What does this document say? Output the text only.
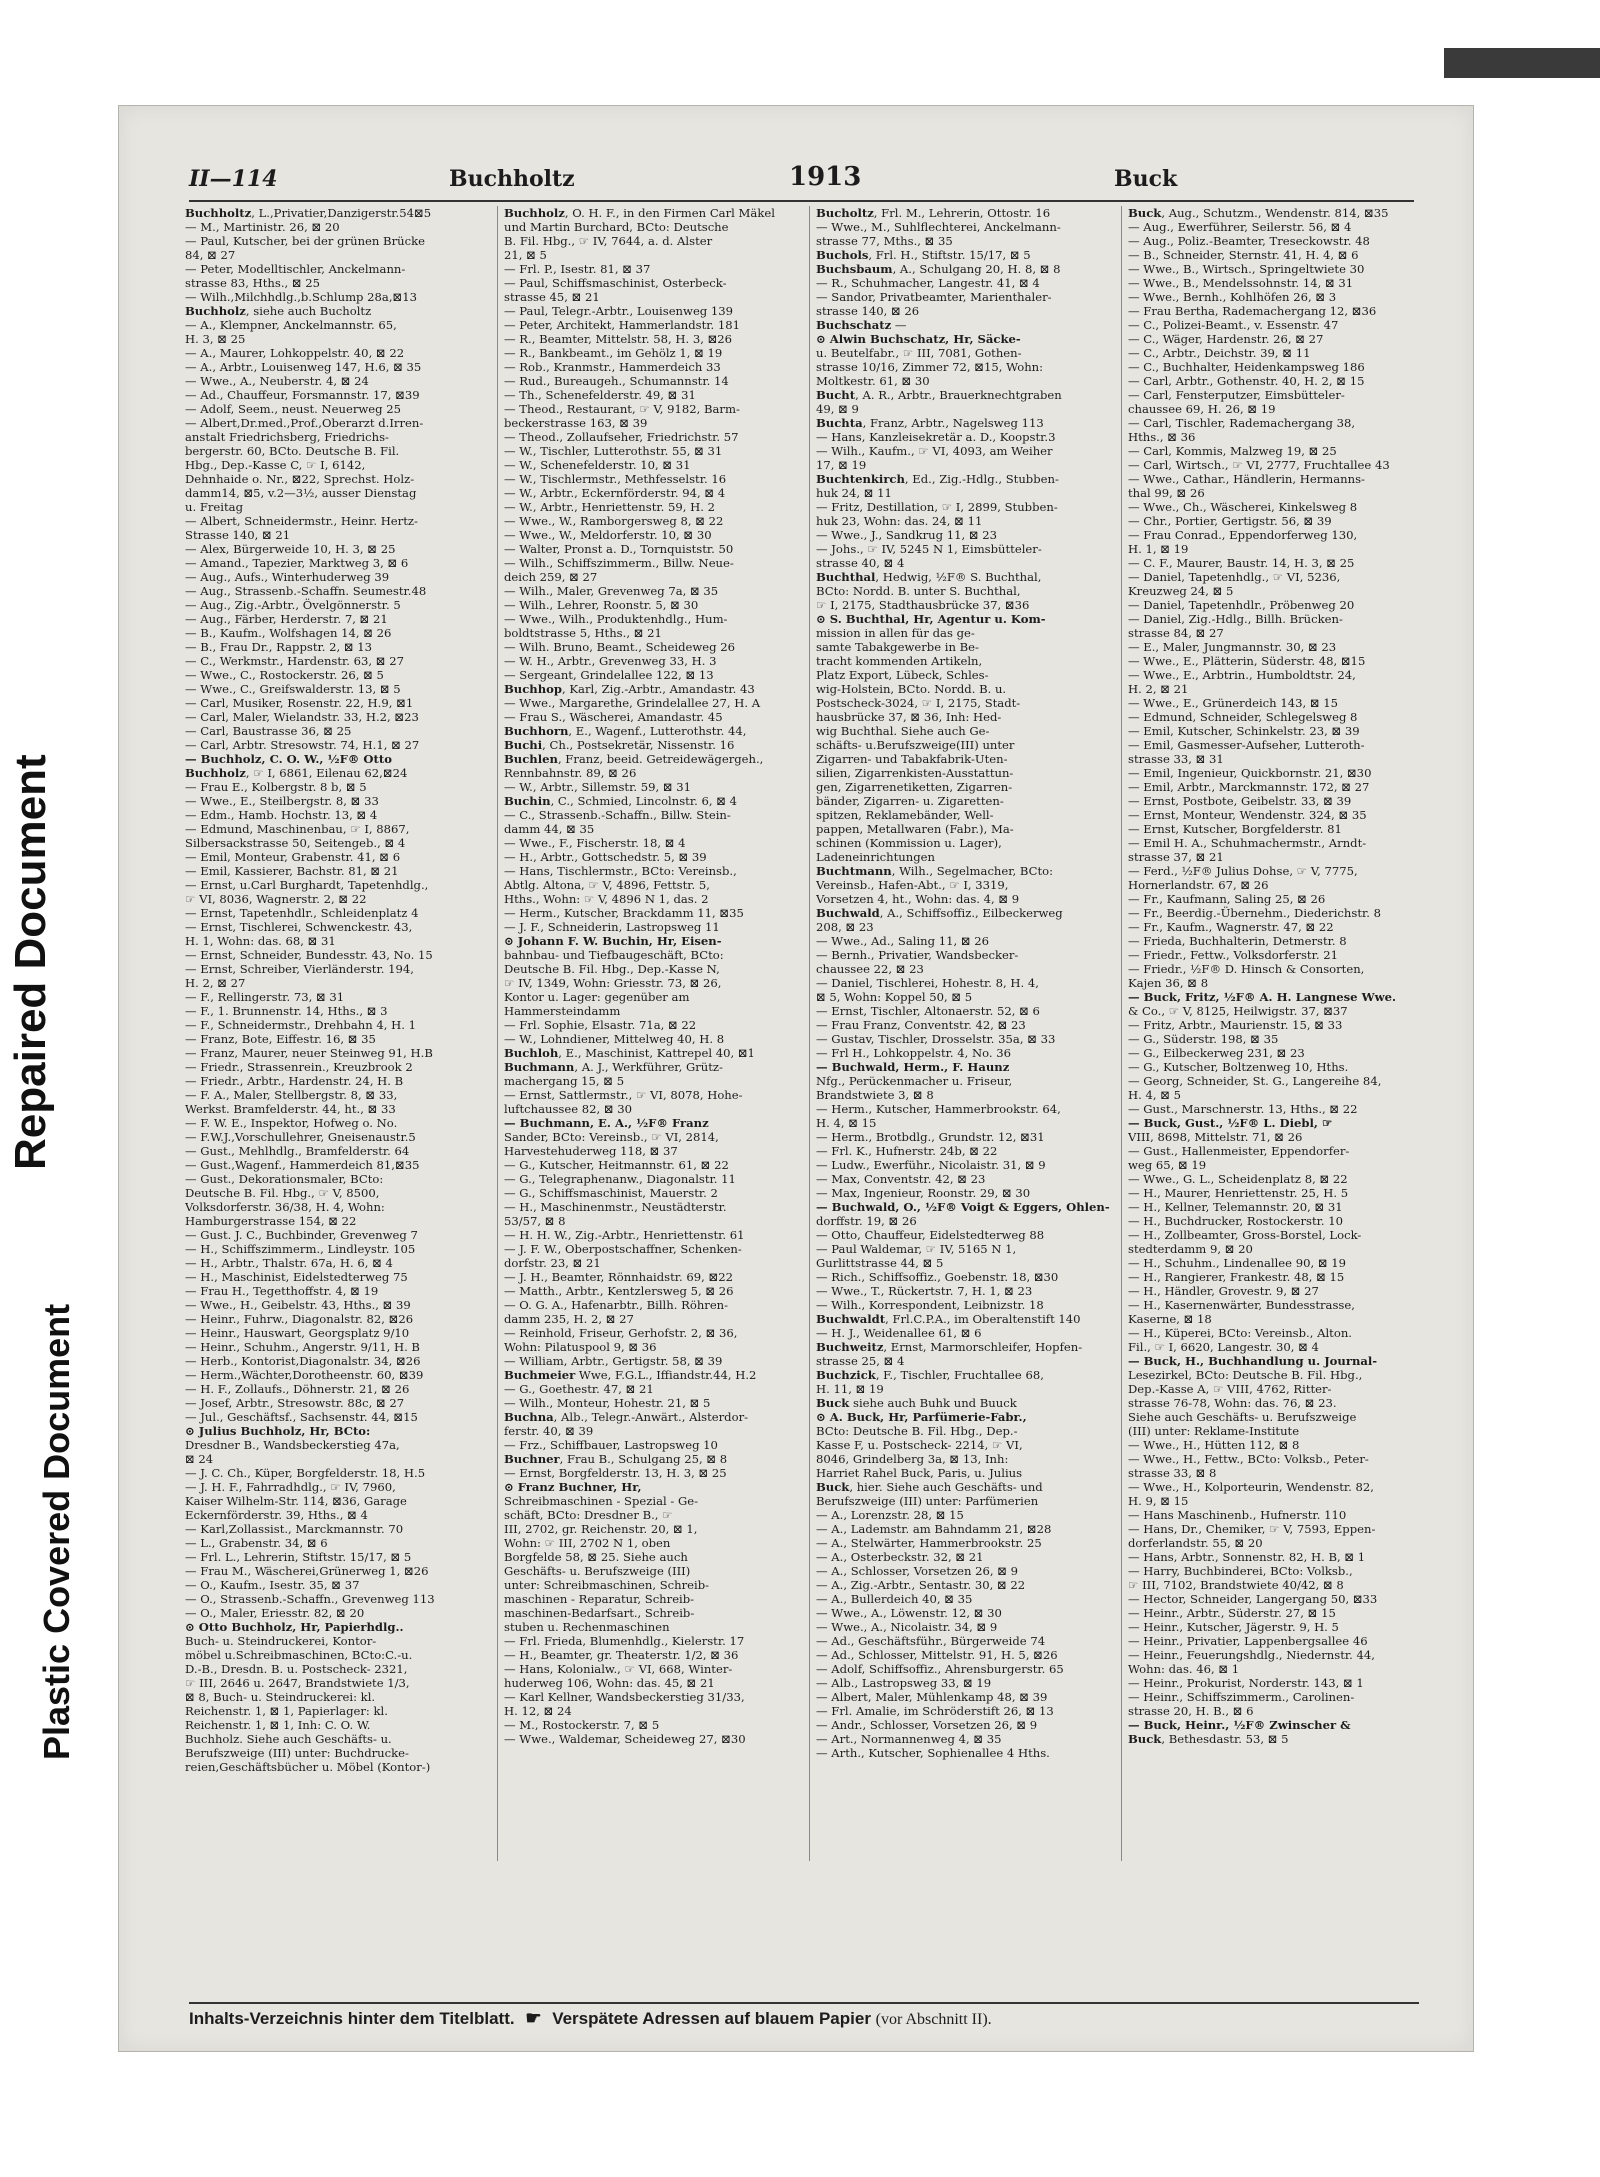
Repaired Document
Plastic Covered Document
II—114	Buchholtz	1913	Buck

Buchholtz, L.,Privatier,Danzigerstr.54⊠5

— M., Martinistr. 26, ⊠ 20

— Paul, Kutscher, bei der grünen Brücke

84, ⊠ 27

— Peter, Modelltischler, Anckelmann-

strasse 83, Hths., ⊠ 25

— Wilh.,Milchhdlg.,b.Schlump 28a,⊠13

Buchholz, siehe auch Bucholtz

— A., Klempner, Anckelmannstr. 65,

H. 3, ⊠ 25

— A., Maurer, Lohkoppelstr. 40, ⊠ 22

— A., Arbtr., Louisenweg 147, H.6, ⊠ 35

— Wwe., A., Neuberstr. 4, ⊠ 24

— Ad., Chauffeur, Forsmannstr. 17, ⊠39

— Adolf, Seem., neust. Neuerweg 25

— Albert,Dr.med.,Prof.,Oberarzt d.Irren-

anstalt Friedrichsberg, Friedrichs-

bergerstr. 60, BCto. Deutsche B. Fil.

Hbg., Dep.-Kasse C, ☞ I, 6142,

Dehnhaide o. Nr., ⊠22, Sprechst. Holz-

damm14, ⊠5, v.2—3½, ausser Dienstag

u. Freitag

— Albert, Schneidermstr., Heinr. Hertz-

Strasse 140, ⊠ 21

— Alex, Bürgerweide 10, H. 3, ⊠ 25

— Amand., Tapezier, Marktweg 3, ⊠ 6

— Aug., Aufs., Winterhuderweg 39

— Aug., Strassenb.-Schaffn. Seumestr.48

— Aug., Zig.-Arbtr., Övelgönnerstr. 5

— Aug., Färber, Herderstr. 7, ⊠ 21

— B., Kaufm., Wolfshagen 14, ⊠ 26

— B., Frau Dr., Rappstr. 2, ⊠ 13

— C., Werkmstr., Hardenstr. 63, ⊠ 27

— Wwe., C., Rostockerstr. 26, ⊠ 5

— Wwe., C., Greifswalderstr. 13, ⊠ 5

— Carl, Musiker, Rosenstr. 22, H.9, ⊠1

— Carl, Maler, Wielandstr. 33, H.2, ⊠23

— Carl, Baustrasse 36, ⊠ 25

— Carl, Arbtr. Stresowstr. 74, H.1, ⊠ 27

— Buchholz, C. O. W., ½F® Otto

Buchholz, ☞ I, 6861, Eilenau 62,⊠24

— Frau E., Kolbergstr. 8 b, ⊠ 5

— Wwe., E., Steilbergstr. 8, ⊠ 33

— Edm., Hamb. Hochstr. 13, ⊠ 4

— Edmund, Maschinenbau, ☞ I, 8867,

Silbersackstrasse 50, Seitengeb., ⊠ 4

— Emil, Monteur, Grabenstr. 41, ⊠ 6

— Emil, Kassierer, Bachstr. 81, ⊠ 21

— Ernst, u.Carl Burghardt, Tapetenhdlg.,

☞ VI, 8036, Wagnerstr. 2, ⊠ 22

— Ernst, Tapetenhdlr., Schleidenplatz 4

— Ernst, Tischlerei, Schwenckestr. 43,

H. 1, Wohn: das. 68, ⊠ 31

— Ernst, Schneider, Bundesstr. 43, No. 15

— Ernst, Schreiber, Vierländerstr. 194,

H. 2, ⊠ 27

— F., Rellingerstr. 73, ⊠ 31

— F., 1. Brunnenstr. 14, Hths., ⊠ 3

— F., Schneidermstr., Drehbahn 4, H. 1

— Franz, Bote, Eiffestr. 16, ⊠ 35

— Franz, Maurer, neuer Steinweg 91, H.B

— Friedr., Strassenrein., Kreuzbrook 2

— Friedr., Arbtr., Hardenstr. 24, H. B

— F. A., Maler, Stellbergstr. 8, ⊠ 33,

Werkst. Bramfelderstr. 44, ht., ⊠ 33

— F. W. E., Inspektor, Hofweg o. No.

— F.W.J.,Vorschullehrer, Gneisenaustr.5

— Gust., Mehlhdlg., Bramfelderstr. 64

— Gust.,Wagenf., Hammerdeich 81,⊠35

— Gust., Dekorationsmaler, BCto:

Deutsche B. Fil. Hbg., ☞ V, 8500,

Volksdorferstr. 36/38, H. 4, Wohn:

Hamburgerstrasse 154, ⊠ 22

— Gust. J. C., Buchbinder, Grevenweg 7

— H., Schiffszimmerm., Lindleystr. 105

— H., Arbtr., Thalstr. 67a, H. 6, ⊠ 4

— H., Maschinist, Eidelstedterweg 75

— Frau H., Tegetthoffstr. 4, ⊠ 19

— Wwe., H., Geibelstr. 43, Hths., ⊠ 39

— Heinr., Fuhrw., Diagonalstr. 82, ⊠26

— Heinr., Hauswart, Georgsplatz 9/10

— Heinr., Schuhm., Angerstr. 9/11, H. B

— Herb., Kontorist,Diagonalstr. 34, ⊠26

— Herm.,Wächter,Dorotheenstr. 60, ⊠39

— H. F., Zollaufs., Döhnerstr. 21, ⊠ 26

— Josef, Arbtr., Stresowstr. 88c, ⊠ 27

— Jul., Geschäftsf., Sachsenstr. 44, ⊠15

⊙ Julius Buchholz, Hr, BCto:

Dresdner B., Wandsbeckerstieg 47a,

⊠ 24

— J. C. Ch., Küper, Borgfelderstr. 18, H.5

— J. H. F., Fahrradhdlg., ☞ IV, 7960,

Kaiser Wilhelm-Str. 114, ⊠36, Garage

Eckernförderstr. 39, Hths., ⊠ 4

— Karl,Zollassist., Marckmannstr. 70

— L., Grabenstr. 34, ⊠ 6

— Frl. L., Lehrerin, Stiftstr. 15/17, ⊠ 5

— Frau M., Wäscherei,Grünerweg 1, ⊠26

— O., Kaufm., Isestr. 35, ⊠ 37

— O., Strassenb.-Schaffn., Grevenweg 113

— O., Maler, Eriesstr. 82, ⊠ 20

⊙ Otto Buchholz, Hr, Papierhdlg..

Buch- u. Steindruckerei, Kontor-

möbel u.Schreibmaschinen, BCto:C.-u.

D.-B., Dresdn. B. u. Postscheck- 2321,

☞ III, 2646 u. 2647, Brandstwiete 1/3,

⊠ 8, Buch- u. Steindruckerei: kl.

Reichenstr. 1, ⊠ 1, Papierlager: kl.

Reichenstr. 1, ⊠ 1, Inh: C. O. W.

Buchholz. Siehe auch Geschäfts- u.

Berufszweige (III) unter: Buchdrucke-

reien,Geschäftsbücher u. Möbel (Kontor-)

Buchholz, O. H. F., in den Firmen Carl Mäkel

und Martin Burchard, BCto: Deutsche

B. Fil. Hbg., ☞ IV, 7644, a. d. Alster

21, ⊠ 5

— Frl. P., Isestr. 81, ⊠ 37

— Paul, Schiffsmaschinist, Osterbeck-

strasse 45, ⊠ 21

— Paul, Telegr.-Arbtr., Louisenweg 139

— Peter, Architekt, Hammerlandstr. 181

— R., Beamter, Mittelstr. 58, H. 3, ⊠26

— R., Bankbeamt., im Gehölz 1, ⊠ 19

— Rob., Kranmstr., Hammerdeich 33

— Rud., Bureaugeh., Schumannstr. 14

— Th., Schenefelderstr. 49, ⊠ 31

— Theod., Restaurant, ☞ V, 9182, Barm-

beckerstrasse 163, ⊠ 39

— Theod., Zollaufseher, Friedrichstr. 57

— W., Tischler, Lutterothstr. 55, ⊠ 31

— W., Schenefelderstr. 10, ⊠ 31

— W., Tischlermstr., Methfesselstr. 16

— W., Arbtr., Eckernförderstr. 94, ⊠ 4

— W., Arbtr., Henriettenstr. 59, H. 2

— Wwe., W., Ramborgersweg 8, ⊠ 22

— Wwe., W., Meldorferstr. 10, ⊠ 30

— Walter, Pronst a. D., Tornquiststr. 50

— Wilh., Schiffszimmerm., Billw. Neue-

deich 259, ⊠ 27

— Wilh., Maler, Grevenweg 7a, ⊠ 35

— Wilh., Lehrer, Roonstr. 5, ⊠ 30

— Wwe., Wilh., Produktenhdlg., Hum-

boldtstrasse 5, Hths., ⊠ 21

— Wilh. Bruno, Beamt., Scheideweg 26

— W. H., Arbtr., Grevenweg 33, H. 3

— Sergeant, Grindelallee 122, ⊠ 13

Buchhop, Karl, Zig.-Arbtr., Amandastr. 43

— Wwe., Margarethe, Grindelallee 27, H. A

— Frau S., Wäscherei, Amandastr. 45

Buchhorn, E., Wagenf., Lutterothstr. 44,

Buchi, Ch., Postsekretär, Nissenstr. 16

Buchlen, Franz, beeid. Getreidewägergeh.,

Rennbahnstr. 89, ⊠ 26

— W., Arbtr., Sillemstr. 59, ⊠ 31

Buchin, C., Schmied, Lincolnstr. 6, ⊠ 4

— C., Strassenb.-Schaffn., Billw. Stein-

damm 44, ⊠ 35

— Wwe., F., Fischerstr. 18, ⊠ 4

— H., Arbtr., Gottschedstr. 5, ⊠ 39

— Hans, Tischlermstr., BCto: Vereinsb.,

Abtlg. Altona, ☞ V, 4896, Fettstr. 5,

Hths., Wohn: ☞ V, 4896 N 1, das. 2

— Herm., Kutscher, Brackdamm 11, ⊠35

— J. F., Schneiderin, Lastropsweg 11

⊙ Johann F. W. Buchin, Hr, Eisen-

bahnbau- und Tiefbaugeschäft, BCto:

Deutsche B. Fil. Hbg., Dep.-Kasse N,

☞ IV, 1349, Wohn: Griesstr. 73, ⊠ 26,

Kontor u. Lager: gegenüber am

Hammersteindamm

— Frl. Sophie, Elsastr. 71a, ⊠ 22

— W., Lohndiener, Mittelweg 40, H. 8

Buchloh, E., Maschinist, Kattrepel 40, ⊠1

Buchmann, A. J., Werkführer, Grütz-

machergang 15, ⊠ 5

— Ernst, Sattlermstr., ☞ VI, 8078, Hohe-

luftchaussee 82, ⊠ 30

— Buchmann, E. A., ½F® Franz

Sander, BCto: Vereinsb., ☞ VI, 2814,

Harvestehuderweg 118, ⊠ 37

— G., Kutscher, Heitmannstr. 61, ⊠ 22

— G., Telegraphenanw., Diagonalstr. 11

— G., Schiffsmaschinist, Mauerstr. 2

— H., Maschinenmstr., Neustädterstr.

53/57, ⊠ 8

— H. H. W., Zig.-Arbtr., Henriettenstr. 61

— J. F. W., Oberpostschaffner, Schenken-

dorfstr. 23, ⊠ 21

— J. H., Beamter, Rönnhaidstr. 69, ⊠22

— Matth., Arbtr., Kentzlersweg 5, ⊠ 26

— O. G. A., Hafenarbtr., Billh. Röhren-

damm 235, H. 2, ⊠ 27

— Reinhold, Friseur, Gerhofstr. 2, ⊠ 36,

Wohn: Pilatuspool 9, ⊠ 36

— William, Arbtr., Gertigstr. 58, ⊠ 39

Buchmeier Wwe, F.G.L., Iffiandstr.44, H.2

— G., Goethestr. 47, ⊠ 21

— Wilh., Monteur, Hohestr. 21, ⊠ 5

Buchna, Alb., Telegr.-Anwärt., Alsterdor-

ferstr. 40, ⊠ 39

— Frz., Schiffbauer, Lastropsweg 10

Buchner, Frau B., Schulgang 25, ⊠ 8

— Ernst, Borgfelderstr. 13, H. 3, ⊠ 25

⊙ Franz Buchner, Hr,

Schreibmaschinen - Spezial - Ge-

schäft, BCto: Dresdner B., ☞

III, 2702, gr. Reichenstr. 20, ⊠ 1,

Wohn: ☞ III, 2702 N 1, oben

Borgfelde 58, ⊠ 25. Siehe auch

Geschäfts- u. Berufszweige (III)

unter: Schreibmaschinen, Schreib-

maschinen - Reparatur, Schreib-

maschinen-Bedarfsart., Schreib-

stuben u. Rechenmaschinen

— Frl. Frieda, Blumenhdlg., Kielerstr. 17

— H., Beamter, gr. Theaterstr. 1/2, ⊠ 36

— Hans, Kolonialw., ☞ VI, 668, Winter-

huderweg 106, Wohn: das. 45, ⊠ 21

— Karl Kellner, Wandsbeckerstieg 31/33,

H. 12, ⊠ 24

— M., Rostockerstr. 7, ⊠ 5

— Wwe., Waldemar, Scheideweg 27, ⊠30

Bucholtz, Frl. M., Lehrerin, Ottostr. 16

— Wwe., M., Suhlflechterei, Anckelmann-

strasse 77, Mths., ⊠ 35

Buchols, Frl. H., Stiftstr. 15/17, ⊠ 5

Buchsbaum, A., Schulgang 20, H. 8, ⊠ 8

— R., Schuhmacher, Langestr. 41, ⊠ 4

— Sandor, Privatbeamter, Marienthaler-

strasse 140, ⊠ 26

Buchschatz —

⊙ Alwin Buchschatz, Hr, Säcke-

u. Beutelfabr., ☞ III, 7081, Gothen-

strasse 10/16, Zimmer 72, ⊠15, Wohn:

Moltkestr. 61, ⊠ 30

Bucht, A. R., Arbtr., Brauerknechtgraben

49, ⊠ 9

Buchta, Franz, Arbtr., Nagelsweg 113

— Hans, Kanzleisekretär a. D., Koopstr.3

— Wilh., Kaufm., ☞ VI, 4093, am Weiher

17, ⊠ 19

Buchtenkirch, Ed., Zig.-Hdlg., Stubben-

huk 24, ⊠ 11

— Fritz, Destillation, ☞ I, 2899, Stubben-

huk 23, Wohn: das. 24, ⊠ 11

— Wwe., J., Sandkrug 11, ⊠ 23

— Johs., ☞ IV, 5245 N 1, Eimsbütteler-

strasse 40, ⊠ 4

Buchthal, Hedwig, ½F® S. Buchthal,

BCto: Nordd. B. unter S. Buchthal,

☞ I, 2175, Stadthausbrücke 37, ⊠36

⊙ S. Buchthal, Hr, Agentur u. Kom-

mission in allen für das ge-

samte Tabakgewerbe in Be-

tracht kommenden Artikeln,

Platz Export, Lübeck, Schles-

wig-Holstein, BCto. Nordd. B. u.

Postscheck-3024, ☞ I, 2175, Stadt-

hausbrücke 37, ⊠ 36, Inh: Hed-

wig Buchthal. Siehe auch Ge-

schäfts- u.Berufszweige(III) unter

Zigarren- und Tabakfabrik-Uten-

silien, Zigarrenkisten-Ausstattun-

gen, Zigarrenetiketten, Zigarren-

bänder, Zigarren- u. Zigaretten-

spitzen, Reklamebänder, Well-

pappen, Metallwaren (Fabr.), Ma-

schinen (Kommission u. Lager),

Ladeneinrichtungen

Buchtmann, Wilh., Segelmacher, BCto:

Vereinsb., Hafen-Abt., ☞ I, 3319,

Vorsetzen 4, ht., Wohn: das. 4, ⊠ 9

Buchwald, A., Schiffsoffiz., Eilbeckerweg

208, ⊠ 23

— Wwe., Ad., Saling 11, ⊠ 26

— Bernh., Privatier, Wandsbecker-

chaussee 22, ⊠ 23

— Daniel, Tischlerei, Hohestr. 8, H. 4,

⊠ 5, Wohn: Koppel 50, ⊠ 5

— Ernst, Tischler, Altonaerstr. 52, ⊠ 6

— Frau Franz, Conventstr. 42, ⊠ 23

— Gustav, Tischler, Drosselstr. 35a, ⊠ 33

— Frl H., Lohkoppelstr. 4, No. 36

— Buchwald, Herm., F. Haunz

Nfg., Perückenmacher u. Friseur,

Brandstwiete 3, ⊠ 8

— Herm., Kutscher, Hammerbrookstr. 64,

H. 4, ⊠ 15

— Herm., Brotbdlg., Grundstr. 12, ⊠31

— Frl. K., Hufnerstr. 24b, ⊠ 22

— Ludw., Ewerführ., Nicolaistr. 31, ⊠ 9

— Max, Conventstr. 42, ⊠ 23

— Max, Ingenieur, Roonstr. 29, ⊠ 30

— Buchwald, O., ½F® Voigt & Eggers, Ohlen-

dorffstr. 19, ⊠ 26

— Otto, Chauffeur, Eidelstedterweg 88

— Paul Waldemar, ☞ IV, 5165 N 1,

Gurlittstrasse 44, ⊠ 5

— Rich., Schiffsoffiz., Goebenstr. 18, ⊠30

— Wwe., T., Rückertstr. 7, H. 1, ⊠ 23

— Wilh., Korrespondent, Leibnizstr. 18

Buchwaldt, Frl.C.P.A., im Oberaltenstift 140

— H. J., Weidenallee 61, ⊠ 6

Buchweitz, Ernst, Marmorschleifer, Hopfen-

strasse 25, ⊠ 4

Buchzick, F., Tischler, Fruchtallee 68,

H. 11, ⊠ 19

Buck siehe auch Buhk und Buuck

⊙ A. Buck, Hr, Parfümerie-Fabr.,

BCto: Deutsche B. Fil. Hbg., Dep.-

Kasse F, u. Postscheck- 2214, ☞ VI,

8046, Grindelberg 3a, ⊠ 13, Inh:

Harriet Rahel Buck, Paris, u. Julius

Buck, hier. Siehe auch Geschäfts- und

Berufszweige (III) unter: Parfümerien

— A., Lorenzstr. 28, ⊠ 15

— A., Lademstr. am Bahndamm 21, ⊠28

— A., Stelwärter, Hammerbrookstr. 25

— A., Osterbeckstr. 32, ⊠ 21

— A., Schlosser, Vorsetzen 26, ⊠ 9

— A., Zig.-Arbtr., Sentastr. 30, ⊠ 22

— A., Bullerdeich 40, ⊠ 35

— Wwe., A., Löwenstr. 12, ⊠ 30

— Wwe., A., Nicolaistr. 34, ⊠ 9

— Ad., Geschäftsführ., Bürgerweide 74

— Ad., Schlosser, Mittelstr. 91, H. 5, ⊠26

— Adolf, Schiffsoffiz., Ahrensburgerstr. 65

— Alb., Lastropsweg 33, ⊠ 19

— Albert, Maler, Mühlenkamp 48, ⊠ 39

— Frl. Amalie, im Schröderstift 26, ⊠ 13

— Andr., Schlosser, Vorsetzen 26, ⊠ 9

— Art., Normannenweg 4, ⊠ 35

— Arth., Kutscher, Sophienallee 4 Hths.

Buck, Aug., Schutzm., Wendenstr. 814, ⊠35

— Aug., Ewerführer, Seilerstr. 56, ⊠ 4

— Aug., Poliz.-Beamter, Treseckowstr. 48

— B., Schneider, Sternstr. 41, H. 4, ⊠ 6

— Wwe., B., Wirtsch., Springeltwiete 30

— Wwe., B., Mendelssohnstr. 14, ⊠ 31

— Wwe., Bernh., Kohlhöfen 26, ⊠ 3

— Frau Bertha, Rademachergang 12, ⊠36

— C., Polizei-Beamt., v. Essenstr. 47

— C., Wäger, Hardenstr. 26, ⊠ 27

— C., Arbtr., Deichstr. 39, ⊠ 11

— C., Buchhalter, Heidenkampsweg 186

— Carl, Arbtr., Gothenstr. 40, H. 2, ⊠ 15

— Carl, Fensterputzer, Eimsbütteler-

chaussee 69, H. 26, ⊠ 19

— Carl, Tischler, Rademachergang 38,

Hths., ⊠ 36

— Carl, Kommis, Malzweg 19, ⊠ 25

— Carl, Wirtsch., ☞ VI, 2777, Fruchtallee 43

— Wwe., Cathar., Händlerin, Hermanns-

thal 99, ⊠ 26

— Wwe., Ch., Wäscherei, Kinkelsweg 8

— Chr., Portier, Gertigstr. 56, ⊠ 39

— Frau Conrad., Eppendorferweg 130,

H. 1, ⊠ 19

— C. F., Maurer, Baustr. 14, H. 3, ⊠ 25

— Daniel, Tapetenhdlg., ☞ VI, 5236,

Kreuzweg 24, ⊠ 5

— Daniel, Tapetenhdlr., Pröbenweg 20

— Daniel, Zig.-Hdlg., Billh. Brücken-

strasse 84, ⊠ 27

— E., Maler, Jungmannstr. 30, ⊠ 23

— Wwe., E., Plätterin, Süderstr. 48, ⊠15

— Wwe., E., Arbtrin., Humboldtstr. 24,

H. 2, ⊠ 21

— Wwe., E., Grünerdeich 143, ⊠ 15

— Edmund, Schneider, Schlegelsweg 8

— Emil, Kutscher, Schinkelstr. 23, ⊠ 39

— Emil, Gasmesser-Aufseher, Lutteroth-

strasse 33, ⊠ 31

— Emil, Ingenieur, Quickbornstr. 21, ⊠30

— Emil, Arbtr., Marckmannstr. 172, ⊠ 27

— Ernst, Postbote, Geibelstr. 33, ⊠ 39

— Ernst, Monteur, Wendenstr. 324, ⊠ 35

— Ernst, Kutscher, Borgfelderstr. 81

— Emil H. A., Schuhmachermstr., Arndt-

strasse 37, ⊠ 21

— Ferd., ½F® Julius Dohse, ☞ V, 7775,

Hornerlandstr. 67, ⊠ 26

— Fr., Kaufmann, Saling 25, ⊠ 26

— Fr., Beerdig.-Übernehm., Diederichstr. 8

— Fr., Kaufm., Wagnerstr. 47, ⊠ 22

— Frieda, Buchhalterin, Detmerstr. 8

— Friedr., Fettw., Volksdorferstr. 21

— Friedr., ½F® D. Hinsch & Consorten,

Kajen 36, ⊠ 8

— Buck, Fritz, ½F® A. H. Langnese Wwe.

& Co., ☞ V, 8125, Heilwigstr. 37, ⊠37

— Fritz, Arbtr., Maurienstr. 15, ⊠ 33

— G., Süderstr. 198, ⊠ 35

— G., Eilbeckerweg 231, ⊠ 23

— G., Kutscher, Boltzenweg 10, Hths.

— Georg, Schneider, St. G., Langereihe 84,

H. 4, ⊠ 5

— Gust., Marschnerstr. 13, Hths., ⊠ 22

— Buck, Gust., ½F® L. Diebl, ☞

VIII, 8698, Mittelstr. 71, ⊠ 26

— Gust., Hallenmeister, Eppendorfer-

weg 65, ⊠ 19

— Wwe., G. L., Scheidenplatz 8, ⊠ 22

— H., Maurer, Henriettenstr. 25, H. 5

— H., Kellner, Telemannstr. 20, ⊠ 31

— H., Buchdrucker, Rostockerstr. 10

— H., Zollbeamter, Gross-Borstel, Lock-

stedterdamm 9, ⊠ 20

— H., Schuhm., Lindenallee 90, ⊠ 19

— H., Rangierer, Frankestr. 48, ⊠ 15

— H., Händler, Grovestr. 9, ⊠ 27

— H., Kasernenwärter, Bundesstrasse,

Kaserne, ⊠ 18

— H., Küperei, BCto: Vereinsb., Alton.

Fil., ☞ I, 6620, Langestr. 30, ⊠ 4

— Buck, H., Buchhandlung u. Journal-

Lesezirkel, BCto: Deutsche B. Fil. Hbg.,

Dep.-Kasse A, ☞ VIII, 4762, Ritter-

strasse 76-78, Wohn: das. 76, ⊠ 23.

Siehe auch Geschäfts- u. Berufszweige

(III) unter: Reklame-Institute

— Wwe., H., Hütten 112, ⊠ 8

— Wwe., H., Fettw., BCto: Volksb., Peter-

strasse 33, ⊠ 8

— Wwe., H., Kolporteurin, Wendenstr. 82,

H. 9, ⊠ 15

— Hans Maschinenb., Hufnerstr. 110

— Hans, Dr., Chemiker, ☞ V, 7593, Eppen-

dorferlandstr. 55, ⊠ 20

— Hans, Arbtr., Sonnenstr. 82, H. B, ⊠ 1

— Harry, Buchbinderei, BCto: Volksb.,

☞ III, 7102, Brandstwiete 40/42, ⊠ 8

— Hector, Schneider, Langergang 50, ⊠33

— Heinr., Arbtr., Süderstr. 27, ⊠ 15

— Heinr., Kutscher, Jägerstr. 9, H. 5

— Heinr., Privatier, Lappenbergsallee 46

— Heinr., Feuerungshdlg., Niedernstr. 44,

Wohn: das. 46, ⊠ 1

— Heinr., Prokurist, Norderstr. 143, ⊠ 1

— Heinr., Schiffszimmerm., Carolinen-

strasse 20, H. B., ⊠ 6

— Buck, Heinr., ½F® Zwinscher &

Buck, Bethesdastr. 53, ⊠ 5

Inhalts-Verzeichnis hinter dem Titelblatt. ☛ Verspätete Adressen auf blauem Papier (vor Abschnitt II).
